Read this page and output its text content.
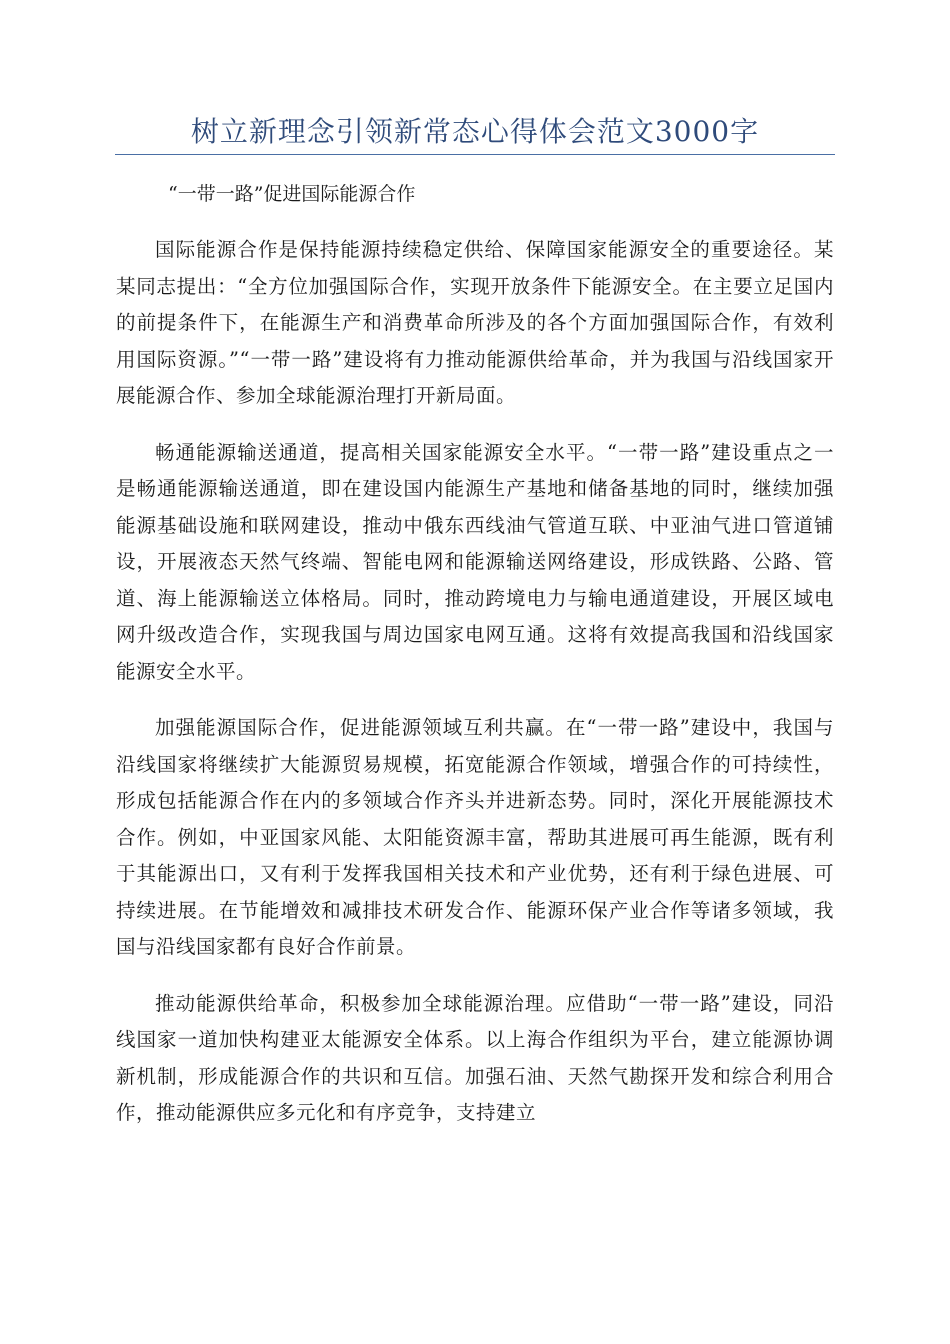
树立新理念引领新常态心得体会范文3000字

“一带一路”促进国际能源合作

国际能源合作是保持能源持续稳定供给、保障国家能源安全的重要途径。某某同志提出：“全方位加强国际合作，实现开放条件下能源安全。在主要立足国内的前提条件下，在能源生产和消费革命所涉及的各个方面加强国际合作，有效利用国际资源。”“一带一路”建设将有力推动能源供给革命，并为我国与沿线国家开展能源合作、参加全球能源治理打开新局面。

畅通能源输送通道，提高相关国家能源安全水平。“一带一路”建设重点之一是畅通能源输送通道，即在建设国内能源生产基地和储备基地的同时，继续加强能源基础设施和联网建设，推动中俄东西线油气管道互联、中亚油气进口管道铺设，开展液态天然气终端、智能电网和能源输送网络建设，形成铁路、公路、管道、海上能源输送立体格局。同时，推动跨境电力与输电通道建设，开展区域电网升级改造合作，实现我国与周边国家电网互通。这将有效提高我国和沿线国家能源安全水平。

加强能源国际合作，促进能源领域互利共赢。在“一带一路”建设中，我国与沿线国家将继续扩大能源贸易规模，拓宽能源合作领域，增强合作的可持续性，形成包括能源合作在内的多领域合作齐头并进新态势。同时，深化开展能源技术合作。例如，中亚国家风能、太阳能资源丰富，帮助其进展可再生能源，既有利于其能源出口，又有利于发挥我国相关技术和产业优势，还有利于绿色进展、可持续进展。在节能增效和减排技术研发合作、能源环保产业合作等诸多领域，我国与沿线国家都有良好合作前景。

推动能源供给革命，积极参加全球能源治理。应借助“一带一路”建设，同沿线国家一道加快构建亚太能源安全体系。以上海合作组织为平台，建立能源协调新机制，形成能源合作的共识和互信。加强石油、天然气勘探开发和综合利用合作，推动能源供应多元化和有序竞争，支持建立
